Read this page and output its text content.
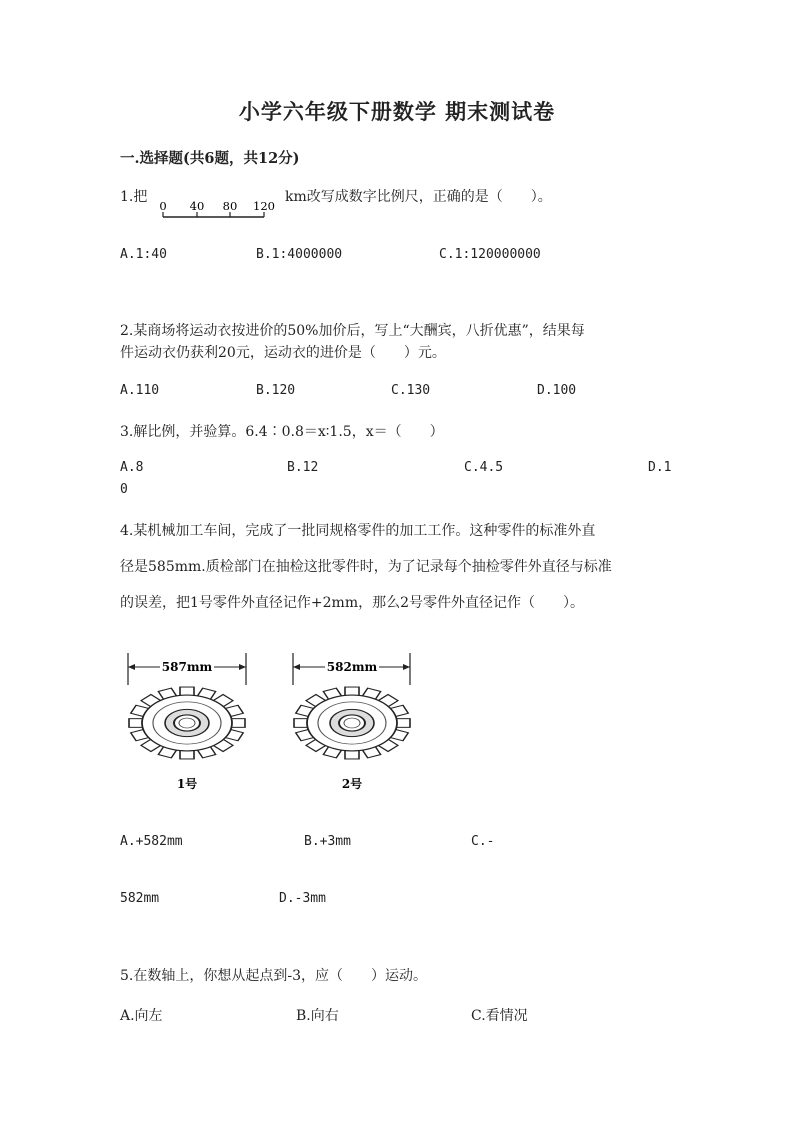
小学六年级下册数学 期末测试卷
一.选择题(共6题，共12分)
1.把
0 40 80 120
km改写成数字比例尺，正确的是（　　）。
A.1:40	B.1:4000000	C.1:120000000
2.某商场将运动衣按进价的50%加价后，写上“大酬宾，八折优惠”，结果每
件运动衣仍获利20元，运动衣的进价是（　　）元。
A.110	B.120	C.130	D.100
3.解比例，并验算。6.4∶0.8＝x∶1.5，x＝（　　）
A.8	B.12	C.4.5	D.1
0
4.某机械加工车间，完成了一批同规格零件的加工工作。这种零件的标准外直
径是585mm.质检部门在抽检这批零件时，为了记录每个抽检零件外直径与标准
的误差，把1号零件外直径记作+2mm，那么2号零件外直径记作（　　）。
587mm
1号
582mm
2号
A.+582mm	B.+3mm	C.-
582mm	D.-3mm
5.在数轴上，你想从起点到-3，应（　　）运动。
A.向左	B.向右	C.看情况
